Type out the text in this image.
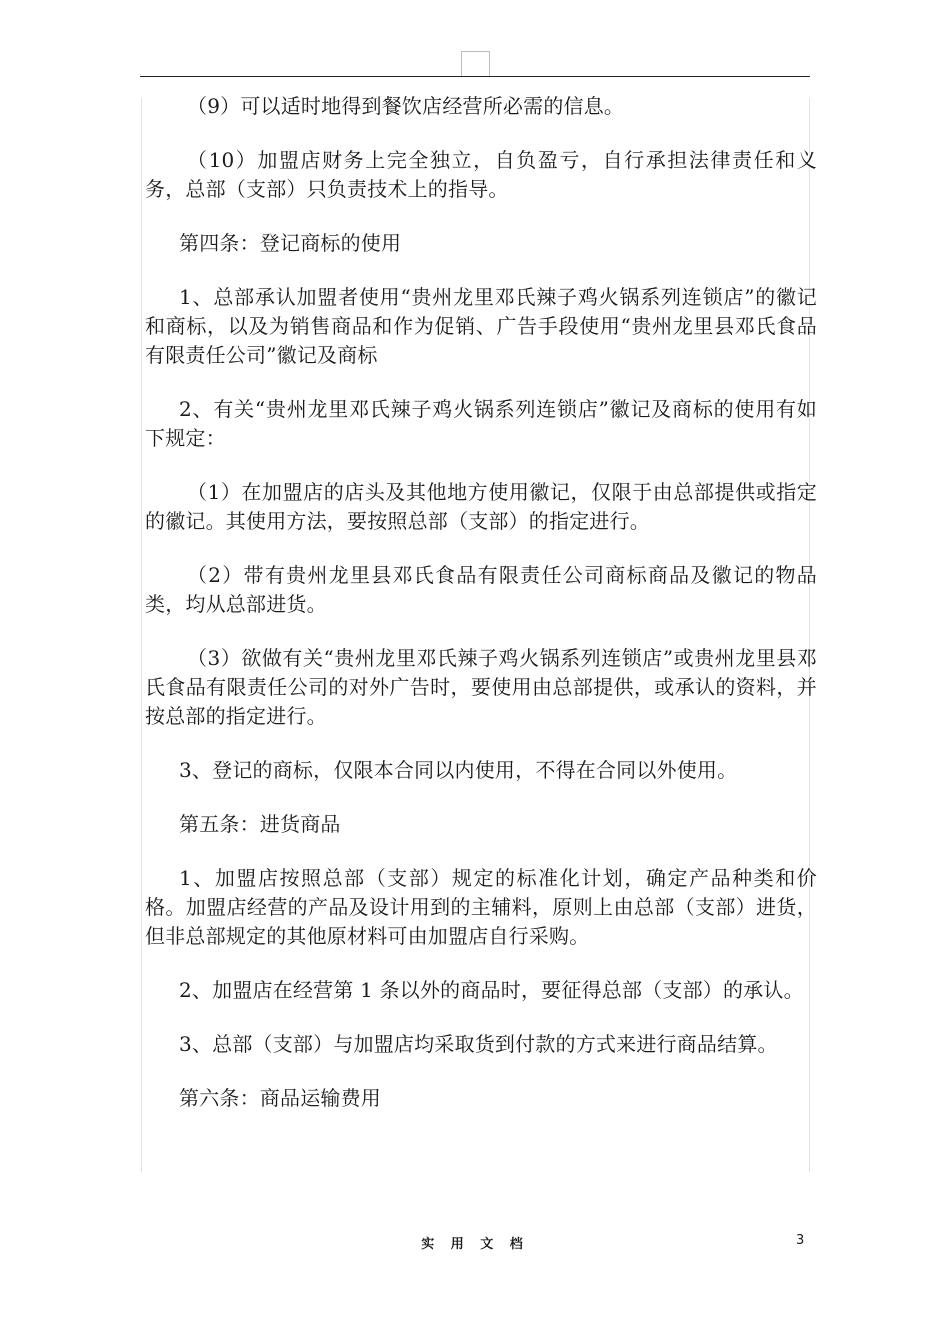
（9）可以适时地得到餐饮店经营所必需的信息。

（10）加盟店财务上完全独立，自负盈亏，自行承担法律责任和义务，总部（支部）只负责技术上的指导。

第四条：登记商标的使用

1、总部承认加盟者使用“贵州龙里邓氏辣子鸡火锅系列连锁店”的徽记和商标，以及为销售商品和作为促销、广告手段使用“贵州龙里县邓氏食品有限责任公司”徽记及商标

2、有关“贵州龙里邓氏辣子鸡火锅系列连锁店”徽记及商标的使用有如下规定：

（1）在加盟店的店头及其他地方使用徽记，仅限于由总部提供或指定的徽记。其使用方法，要按照总部（支部）的指定进行。

（2）带有贵州龙里县邓氏食品有限责任公司商标商品及徽记的物品类，均从总部进货。

（3）欲做有关“贵州龙里邓氏辣子鸡火锅系列连锁店”或贵州龙里县邓氏食品有限责任公司的对外广告时，要使用由总部提供，或承认的资料，并按总部的指定进行。

3、登记的商标，仅限本合同以内使用，不得在合同以外使用。

第五条：进货商品

1、加盟店按照总部（支部）规定的标准化计划，确定产品种类和价格。加盟店经营的产品及设计用到的主辅料，原则上由总部（支部）进货，但非总部规定的其他原材料可由加盟店自行采购。

2、加盟店在经营第 1 条以外的商品时，要征得总部（支部）的承认。

3、总部（支部）与加盟店均采取货到付款的方式来进行商品结算。

第六条：商品运输费用

实 用 文 档	3
